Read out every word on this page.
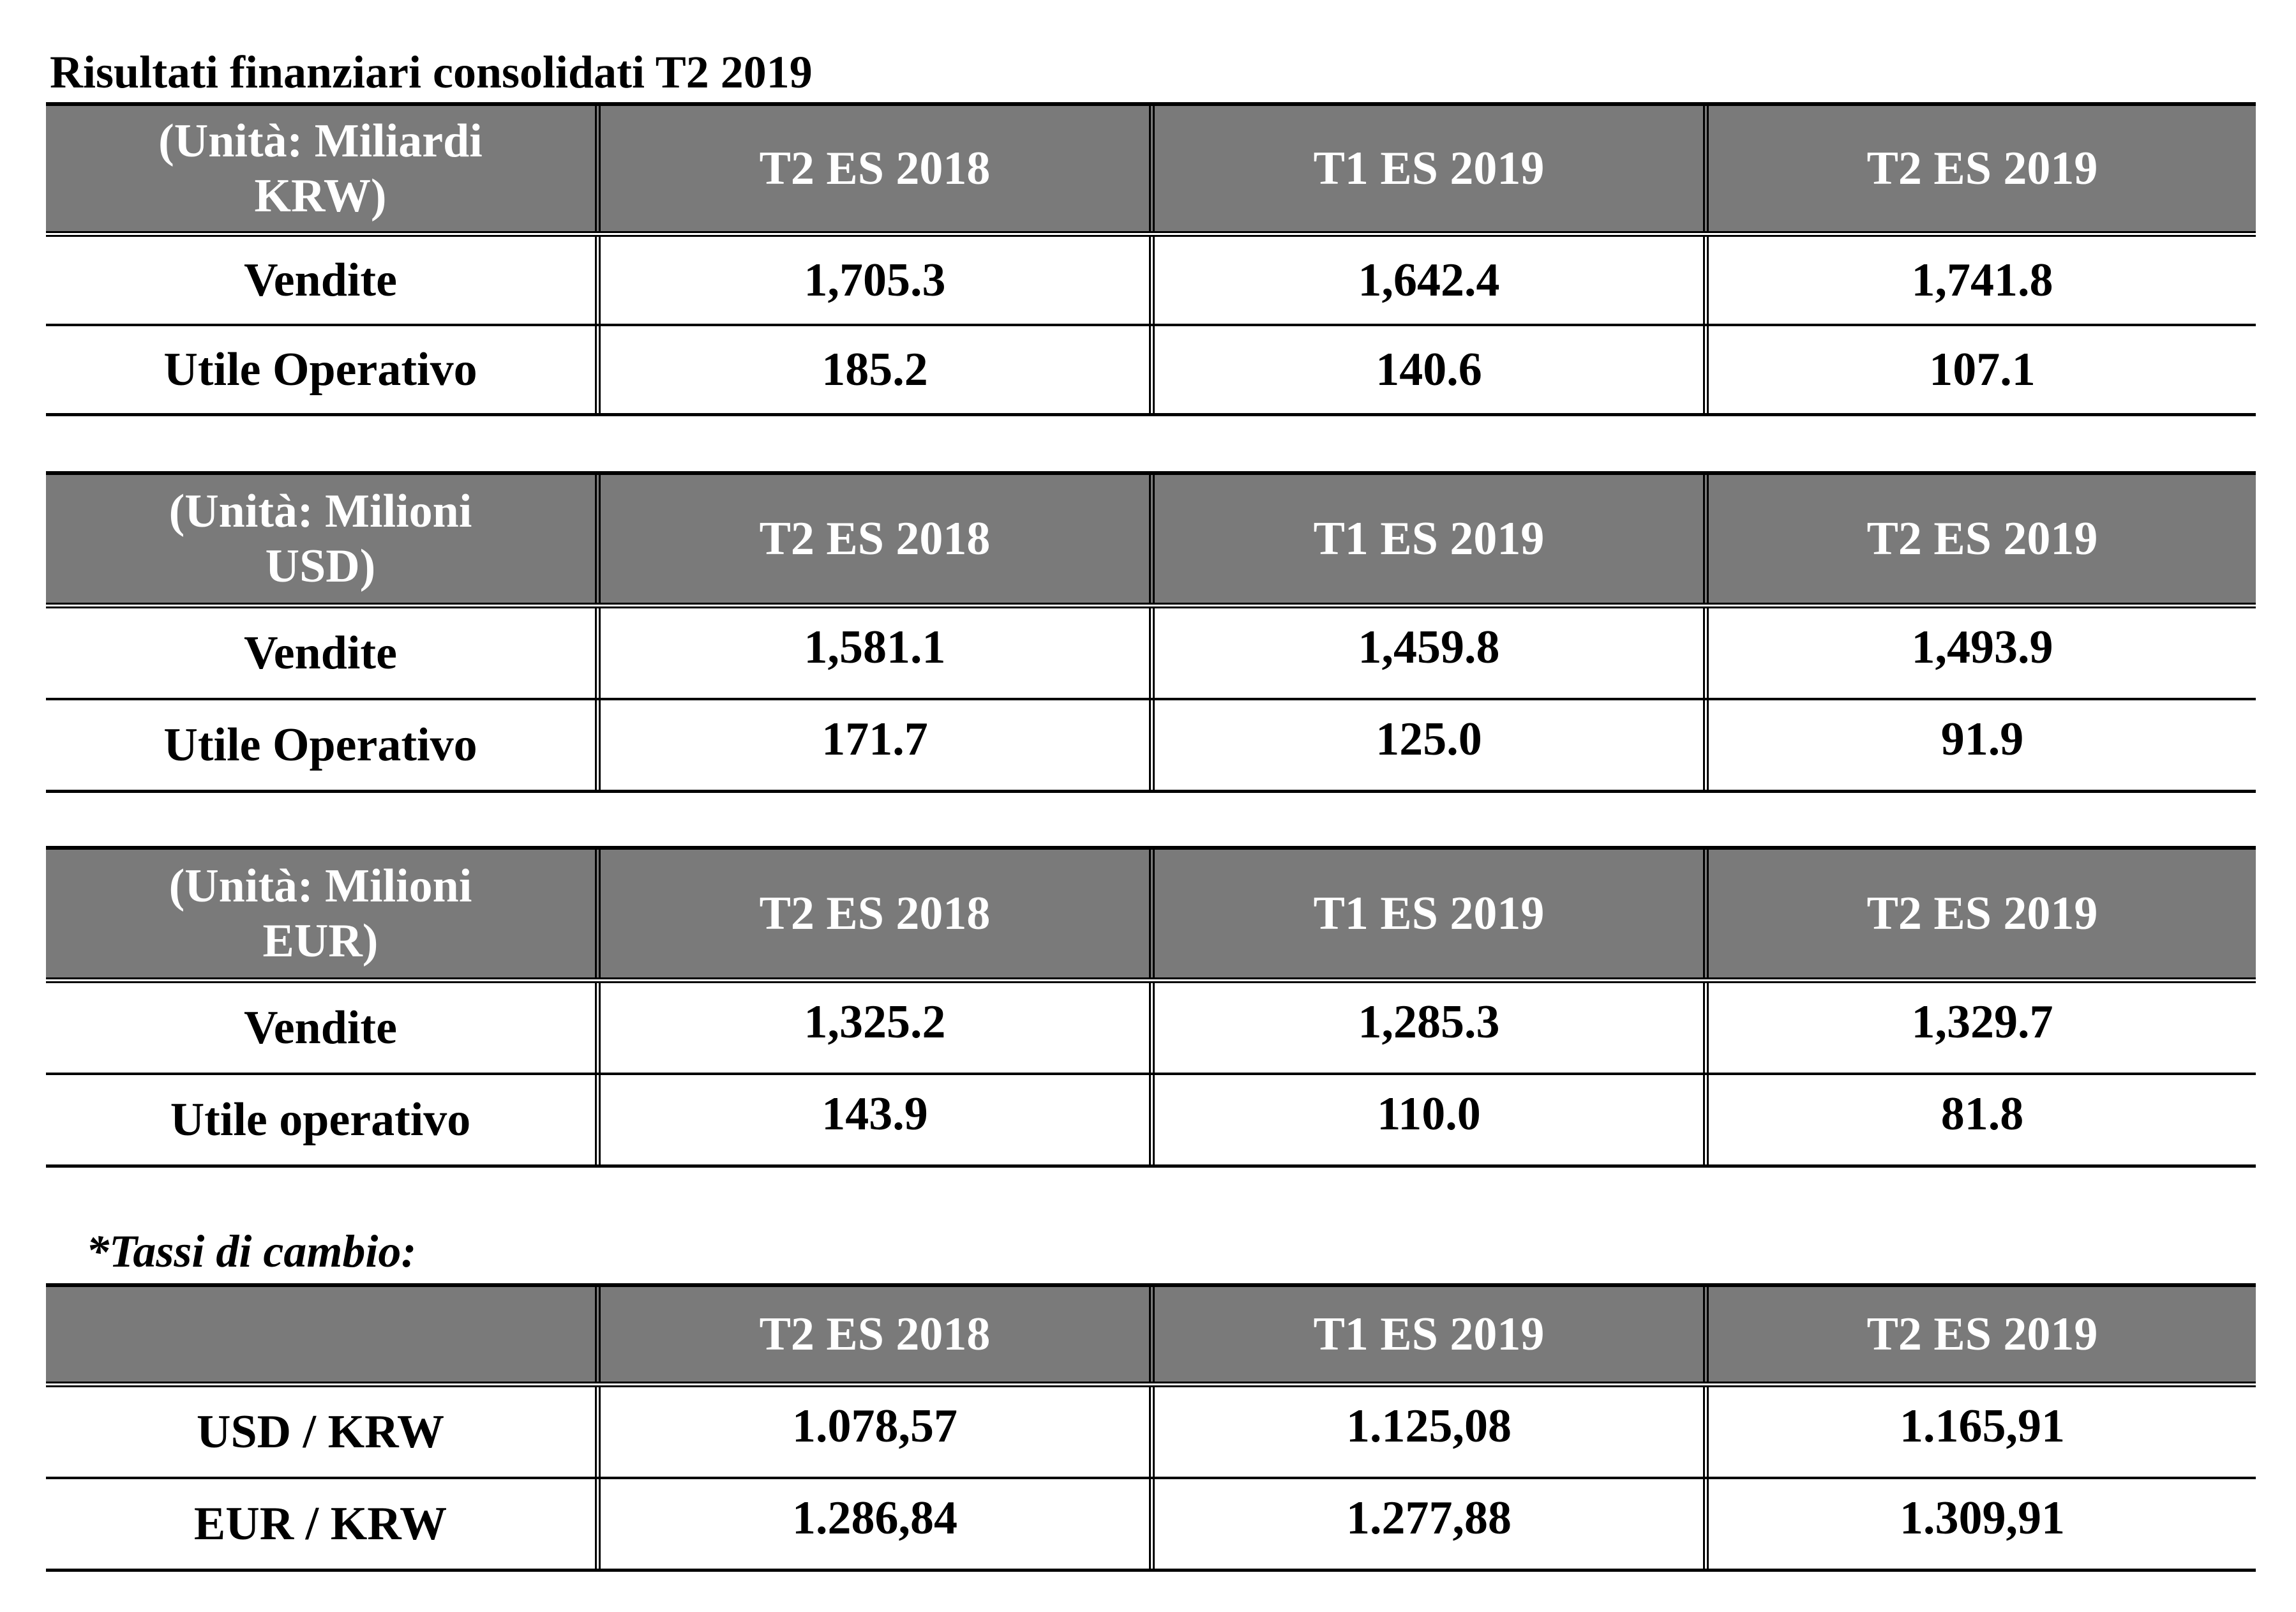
Risultati finanziari consolidati T2 2019
(Unità: Miliardi
KRW)
T2 ES 2018	T1 ES 2019	T2 ES 2019
Vendite	1,705.3	1,642.4	1,741.8
Utile Operativo	185.2	140.6	107.1
(Unità: Milioni
USD)
T2 ES 2018	T1 ES 2019	T2 ES 2019
Vendite	1,581.1	1,459.8	1,493.9
Utile Operativo	171.7	125.0	91.9
(Unità: Milioni
EUR)
T2 ES 2018	T1 ES 2019	T2 ES 2019
Vendite	1,325.2	1,285.3	1,329.7
Utile operativo	143.9	110.0	81.8
*Tassi di cambio:
T2 ES 2018	T1 ES 2019	T2 ES 2019
USD / KRW	1.078,57	1.125,08	1.165,91
EUR / KRW	1.286,84	1.277,88	1.309,91
